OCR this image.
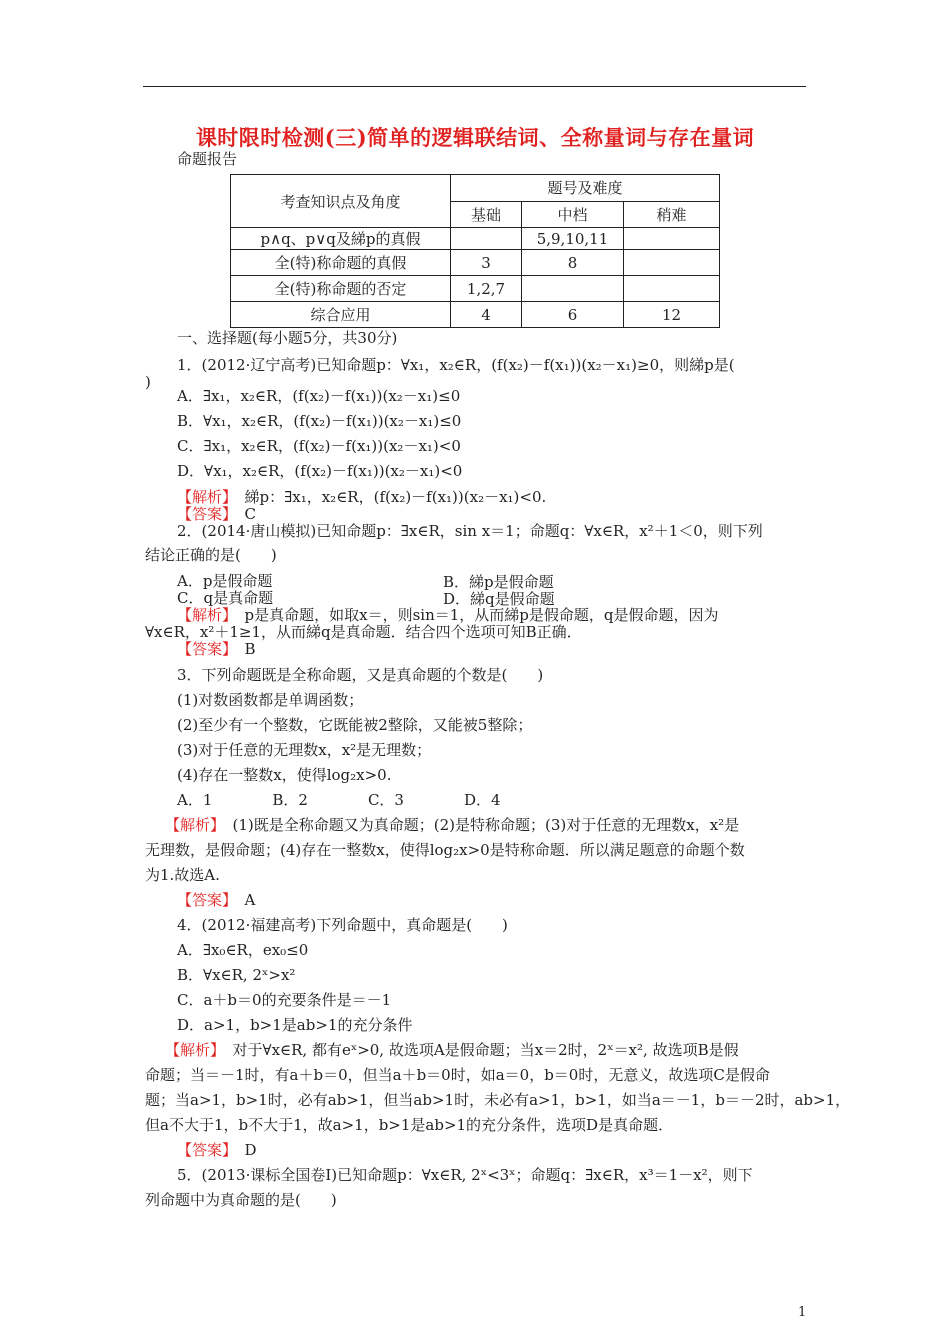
课时限时检测(三)简单的逻辑联结词、全称量词与存在量词
命题报告
考查知识点及角度	题号及难度		
	基础	中档	稍难
p∧q、p∨q及綈p的真假		5,9,10,11	
全(特)称命题的真假	3	8	
全(特)称命题的否定	1,2,7		
综合应用	4	6	12
一、选择题(每小题5分，共30分)
1．(2012·辽宁高考)已知命题p：∀x₁，x₂∈R，(f(x₂)－f(x₁))(x₂－x₁)≥0，则綈p是(
)
A．∃x₁，x₂∈R，(f(x₂)－f(x₁))(x₂－x₁)≤0
B．∀x₁，x₂∈R，(f(x₂)－f(x₁))(x₂－x₁)≤0
C．∃x₁，x₂∈R，(f(x₂)－f(x₁))(x₂－x₁)<0
D．∀x₁，x₂∈R，(f(x₂)－f(x₁))(x₂－x₁)<0
【解析】　綈p：∃x₁，x₂∈R，(f(x₂)－f(x₁))(x₂－x₁)<0.
【答案】　C
2．(2014·唐山模拟)已知命题p：∃x∈R，sin x＝1；命题q：∀x∈R，x²＋1＜0，则下列
结论正确的是(　　)
A．p是假命题	B．綈p是假命题
C．q是真命题	D．綈q是假命题
【解析】　p是真命题，如取x＝，则sin＝1，从而綈p是假命题，q是假命题，因为
∀x∈R，x²＋1≥1，从而綈q是真命题．结合四个选项可知B正确．
【答案】　B
3．下列命题既是全称命题，又是真命题的个数是(　　)
(1)对数函数都是单调函数；
(2)至少有一个整数，它既能被2整除，又能被5整除；
(3)对于任意的无理数x，x²是无理数；
(4)存在一整数x，使得log₂x>0.
A．1　　　　B．2　　　　C．3　　　　D．4
【解析】　(1)既是全称命题又为真命题；(2)是特称命题；(3)对于任意的无理数x，x²是
无理数，是假命题；(4)存在一整数x，使得log₂x>0是特称命题．所以满足题意的命题个数
为1.故选A.
【答案】　A
4．(2012·福建高考)下列命题中，真命题是(　　)
A．∃x₀∈R，ex₀≤0
B．∀x∈R, 2ˣ>x²
C．a＋b＝0的充要条件是＝－1
D．a>1，b>1是ab>1的充分条件
【解析】　对于∀x∈R, 都有eˣ>0, 故选项A是假命题；当x＝2时，2ˣ＝x², 故选项B是假
命题；当＝－1时，有a＋b＝0，但当a＋b＝0时，如a＝0，b＝0时，无意义，故选项C是假命
题；当a>1，b>1时，必有ab>1，但当ab>1时，未必有a>1，b>1，如当a＝－1，b＝－2时，ab>1，
但a不大于1，b不大于1，故a>1，b>1是ab>1的充分条件，选项D是真命题．
【答案】　D
5．(2013·课标全国卷Ⅰ)已知命题p：∀x∈R, 2ˣ<3ˣ；命题q：∃x∈R，x³＝1－x²，则下
列命题中为真命题的是(　　)
1
